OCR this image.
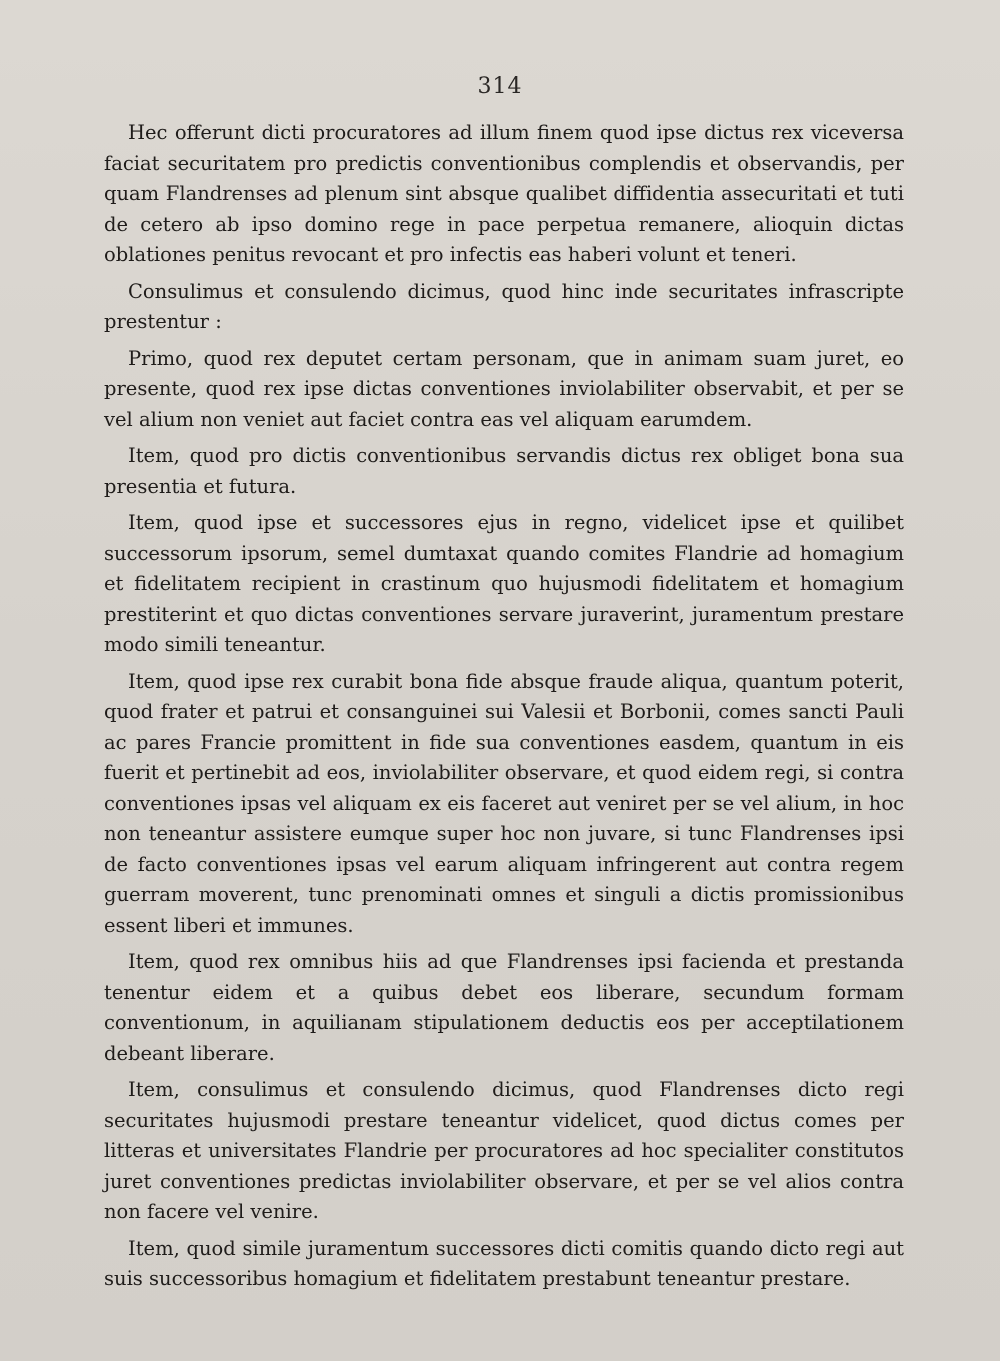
314

Hec offerunt dicti procuratores ad illum finem quod ipse dictus rex viceversa faciat securitatem pro predictis conventionibus complendis et observandis, per quam Flandrenses ad plenum sint absque qualibet diffidentia assecuritati et tuti de cetero ab ipso domino rege in pace perpetua remanere, alioquin dictas oblationes penitus revocant et pro infectis eas haberi volunt et teneri.

Consulimus et consulendo dicimus, quod hinc inde securitates infrascripte prestentur :

Primo, quod rex deputet certam personam, que in animam suam juret, eo presente, quod rex ipse dictas conventiones inviolabiliter observabit, et per se vel alium non veniet aut faciet contra eas vel aliquam earumdem.

Item, quod pro dictis conventionibus servandis dictus rex obliget bona sua presentia et futura.

Item, quod ipse et successores ejus in regno, videlicet ipse et quilibet successorum ipsorum, semel dumtaxat quando comites Flandrie ad homagium et fidelitatem recipient in crastinum quo hujusmodi fidelitatem et homagium prestiterint et quo dictas conventiones servare juraverint, juramentum prestare modo simili teneantur.

Item, quod ipse rex curabit bona fide absque fraude aliqua, quantum poterit, quod frater et patrui et consanguinei sui Valesii et Borbonii, comes sancti Pauli ac pares Francie promittent in fide sua conventiones easdem, quantum in eis fuerit et pertinebit ad eos, inviolabiliter observare, et quod eidem regi, si contra conventiones ipsas vel aliquam ex eis faceret aut veniret per se vel alium, in hoc non teneantur assistere eumque super hoc non juvare, si tunc Flandrenses ipsi de facto conventiones ipsas vel earum aliquam infringerent aut contra regem guerram moverent, tunc prenominati omnes et singuli a dictis promissionibus essent liberi et immunes.

Item, quod rex omnibus hiis ad que Flandrenses ipsi facienda et prestanda tenentur eidem et a quibus debet eos liberare, secundum formam conventionum, in aquilianam stipulationem deductis eos per acceptilationem debeant liberare.

Item, consulimus et consulendo dicimus, quod Flandrenses dicto regi securitates hujusmodi prestare teneantur videlicet, quod dictus comes per litteras et universitates Flandrie per procuratores ad hoc specialiter constitutos juret conventiones predictas inviolabiliter observare, et per se vel alios contra non facere vel venire.

Item, quod simile juramentum successores dicti comitis quando dicto regi aut suis successoribus homagium et fidelitatem prestabunt teneantur prestare.
